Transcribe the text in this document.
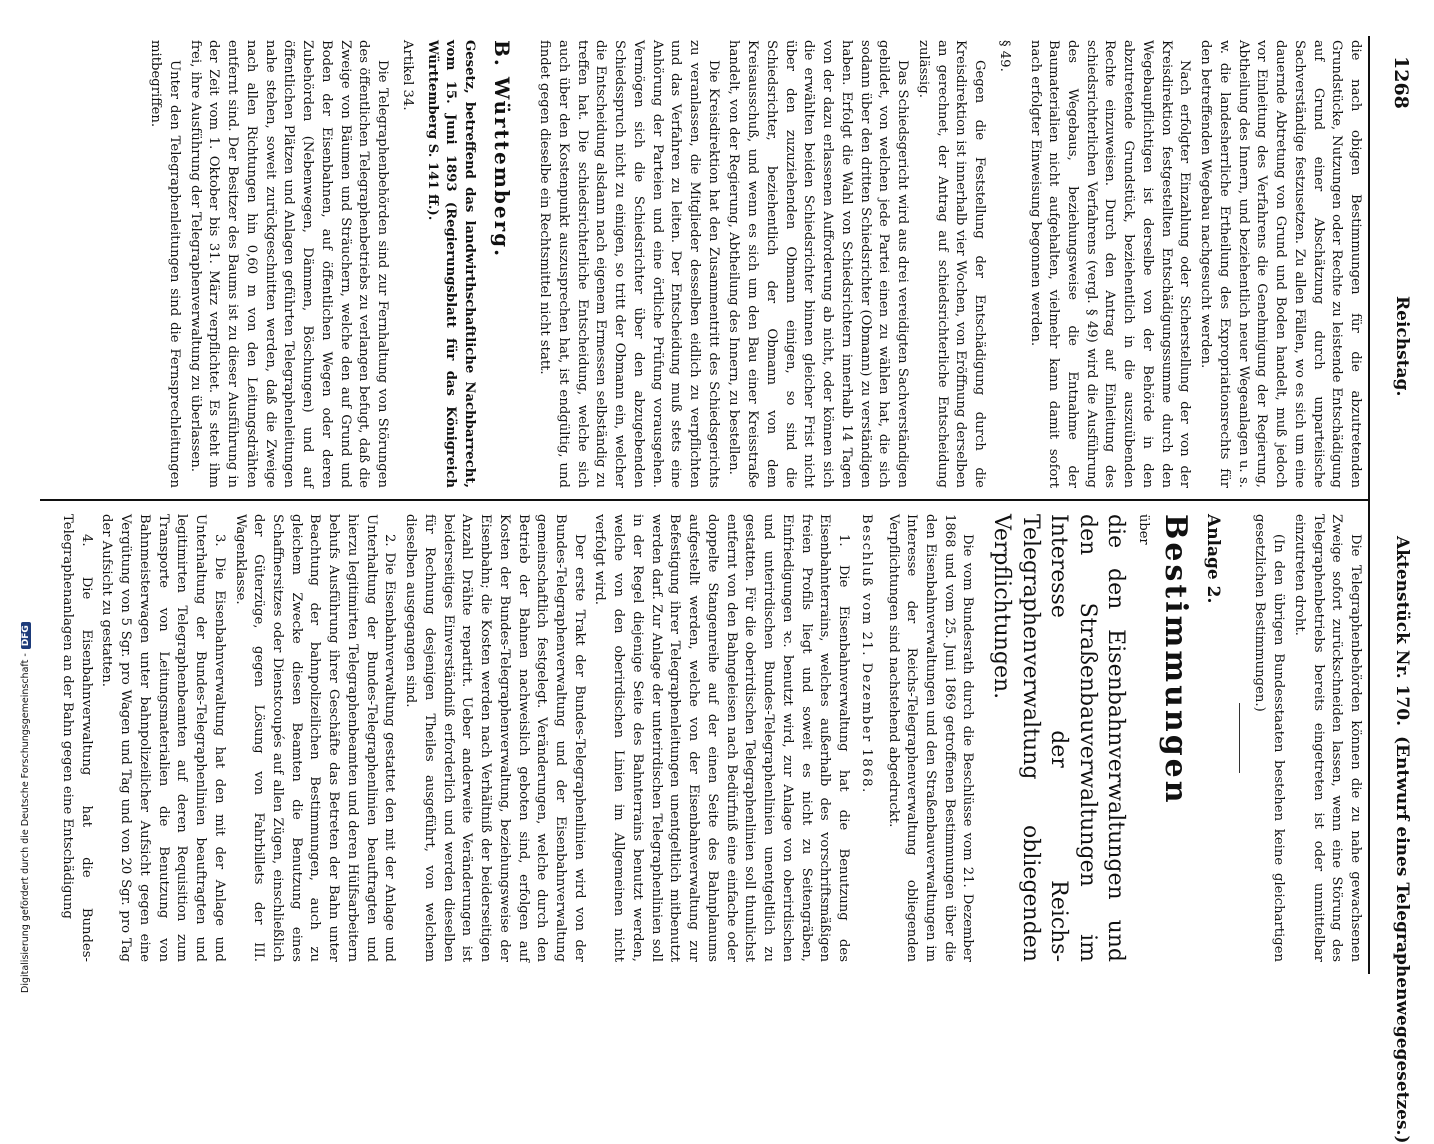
Digitalisierung gefördert durch die Deutsche Forschungsgemeinschaft -DFG
1268
Reichstag.
Aktenstück Nr. 170.
(Entwurf eines Telegraphenwegegesetzes.)

die nach obigen Bestimmungen für die abzutretenden Grundstücke, Nutzungen oder Rechte zu leistende Entschädigung auf Grund einer Abschätzung durch unparteiische Sachverständige festzusetzen. Zu allen Fällen, wo es sich um eine dauernde Abtretung von Grund und Boden handelt, muß jedoch vor Einleitung des Verfahrens die Genehmigung der Regierung, Abtheilung des Innern, und beziehentlich neuer Wegeanlagen u. s. w. die landesherrliche Ertheilung des Expropriationsrechts für den betreffenden Wegebau nachgesucht werden.

Nach erfolgter Einzahlung oder Sicherstellung der von der Kreisdirektion festgestellten Entschädigungssumme durch den Wegebaupflichtigen ist derselbe von der Behörde in den abzutretende Grundstück, beziehentlich in die auszuübenden Rechte einzuweisen. Durch den Antrag auf Einleitung des schiedsrichterlichen Verfahrens (vergl. § 49) wird die Ausführung des Wegebaus, beziehungsweise die Entnahme der Baumaterialien nicht aufgehalten, vielmehr kann damit sofort nach erfolgter Einweisung begonnen werden.

§ 49.

Gegen die Feststellung der Entschädigung durch die Kreisdirektion ist innerhalb vier Wochen, von Eröffnung derselben an gerechnet, der Antrag auf schiedsrichterliche Entscheidung zulässig.

Das Schiedsgericht wird aus drei vereidigten Sachverständigen gebildet, von welchen jede Partei einen zu wählen hat, die sich sodann über den dritten Schiedsrichter (Obmann) zu verständigen haben. Erfolgt die Wahl von Schiedsrichtern innerhalb 14 Tagen von der dazu erlassenen Aufforderung ab nicht, oder können sich die erwählten beiden Schiedsrichter binnen gleicher Frist nicht über den zuzuziehenden Obmann einigen, so sind die Schiedsrichter, beziehentlich der Obmann von dem Kreisausschuß, und wenn es sich um den Bau einer Kreisstraße handelt, von der Regierung, Abtheilung des Innern, zu bestellen.

Die Kreisdirektion hat den Zusammentritt des Schiedsgerichts zu veranlassen, die Mitglieder desselben eidlich zu verpflichten und das Verfahren zu leiten. Der Entscheidung muß stets eine Anhörung der Parteien und eine örtliche Prüfung vorausgehen. Vermögen sich die Schiedsrichter über den abzugebenden Schiedsspruch nicht zu einigen, so tritt der Obmann ein, welcher die Entscheidung alsdann nach eigenem Ermessen selbständig zu treffen hat. Die schiedsrichterliche Entscheidung, welche sich auch über den Kostenpunkt auszusprechen hat, ist endgültig, und findet gegen dieselbe ein Rechtsmittel nicht statt.

B. Württemberg.

Gesetz, betreffend das landwirthschaftliche Nachbarrecht, vom 15. Juni 1893 (Regierungsblatt für das Königreich Württemberg S. 141 ff.).

Artikel 34.

Die Telegraphenbehörden sind zur Fernhaltung von Störungen des öffentlichen Telegraphenbetriebs zu verlangen befugt, daß die Zweige von Bäumen und Sträuchern, welche den auf Grund und Boden der Eisenbahnen, auf öffentlichen Wegen oder deren Zubehörden (Nebenwegen, Dämmen, Böschungen) und auf öffentlichen Plätzen und Anlagen geführten Telegraphenleitungen nahe stehen, soweit zurückgeschnitten werden, daß die Zweige nach allen Richtungen hin 0,60 m von den Leitungsdrähten entfernt sind. Der Besitzer des Baums ist zu dieser Ausführung in der Zeit vom 1. Oktober bis 31. März verpflichtet. Es steht ihm frei, ihre Ausführung der Telegraphenverwaltung zu überlassen.

Unter den Telegraphenleitungen sind die Fernsprechleitungen mitbegriffen.

Die Telegraphenbehörden können die zu nahe gewachsenen Zweige sofort zurückschneiden lassen, wenn eine Störung des Telegraphenbetriebs bereits eingetreten ist oder unmittelbar einzutreten droht.

(In den übrigen Bundesstaaten bestehen keine gleichartigen gesetzlichen Bestimmungen.)

Anlage 2.

Bestimmungen

über

die den Eisenbahnverwaltungen und den Straßenbauverwaltungen im Interesse der Reichs-Telegraphenverwaltung obliegenden Verpflichtungen.

Die vom Bundesrath durch die Beschlüsse vom 21. Dezember 1868 und vom 25. Juni 1869 getroffenen Bestimmungen über die den Eisenbahnverwaltungen und den Straßenbauverwaltungen im Interesse der Reichs-Telegraphenverwaltung obliegenden Verpflichtungen sind nachstehend abgedruckt.

Beschluß vom 21. Dezember 1868.

1. Die Eisenbahnverwaltung hat die Benutzung des Eisenbahnterrains, welches außerhalb des vorschriftsmäßigen freien Profils liegt und soweit es nicht zu Seitengräben, Einfriedigungen ꝛc. benutzt wird, zur Anlage von oberirdischen und unterirdischen Bundes-Telegraphenlinien unentgeltlich zu gestatten. Für die oberirdischen Telegraphenlinien soll thunlichst entfernt von den Bahngeleisen nach Bedürfniß eine einfache oder doppelte Stangenreihe auf der einen Seite des Bahnplanums aufgestellt werden, welche von der Eisenbahnverwaltung zur Befestigung ihrer Telegraphenleitungen unentgeltlich mitbenutzt werden darf. Zur Anlage der unterirdischen Telegraphenlinien soll in der Regel diejenige Seite des Bahnterrains benutzt werden, welche von den oberirdischen Linien im Allgemeinen nicht verfolgt wird.

Der erste Trakt der Bundes-Telegraphenlinien wird von der Bundes-Telegraphenverwaltung und der Eisenbahnverwaltung gemeinschaftlich festgelegt. Veränderungen, welche durch den Betrieb der Bahnen nachweislich geboten sind, erfolgen auf Kosten der Bundes-Telegraphenverwaltung, beziehungsweise der Eisenbahn; die Kosten werden nach Verhältniß der beiderseitigen Anzahl Drähte repartirt. Ueber anderweite Veränderungen ist beiderseitiges Einverständniß erforderlich und werden dieselben für Rechnung desjenigen Theiles ausgeführt, von welchem dieselben ausgegangen sind.

2. Die Eisenbahnverwaltung gestattet den mit der Anlage und Unterhaltung der Bundes-Telegraphenlinien beauftragten und hierzu legitimirten Telegraphenbeamten und deren Hülfsarbeitern behufs Ausführung ihrer Geschäfte das Betreten der Bahn unter Beachtung der bahnpolizeilichen Bestimmungen, auch zu gleichem Zwecke diesen Beamten die Benutzung eines Schaffnersitzes oder Dienstcoupés auf allen Zügen, einschließlich der Güterzüge, gegen Lösung von Fahrbillets der III. Wagenklasse.

3. Die Eisenbahnverwaltung hat den mit der Anlage und Unterhaltung der Bundes-Telegraphenlinien beauftragten und legitimirten Telegraphenbeamten auf deren Requisition zum Transporte von Leitungsmaterialien die Benutzung von Bahnmeisterwagen unter bahnpolizeilicher Aufsicht gegen eine Vergütung von 5 Sgr. pro Wagen und Tag und von 20 Sgr. pro Tag der Aufsicht zu gestatten.

4. Die Eisenbahnverwaltung hat die Bundes-Telegraphenanlagen an der Bahn gegen eine Entschädigung
